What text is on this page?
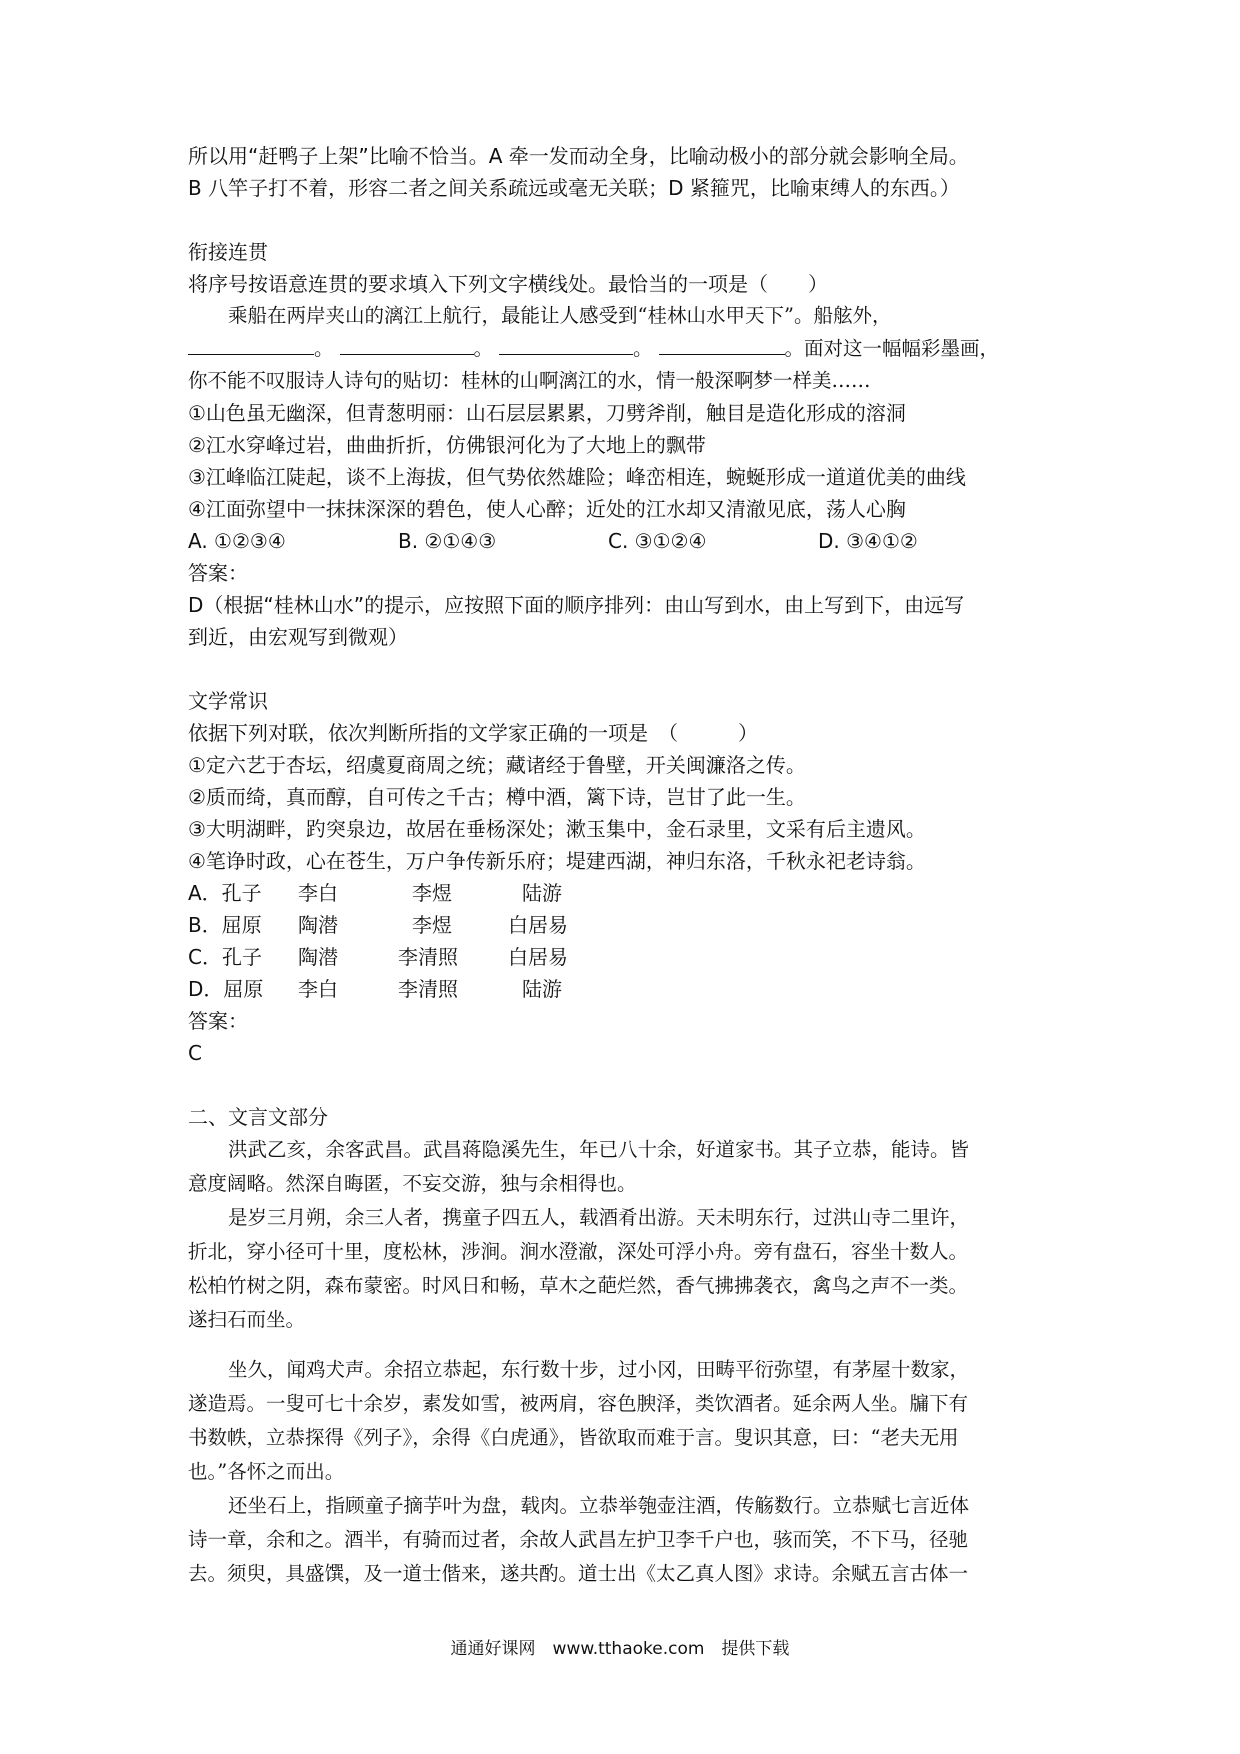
所以用“赶鸭子上架”比喻不恰当。A 牵一发而动全身，比喻动极小的部分就会影响全局。

B 八竿子打不着，形容二者之间关系疏远或毫无关联；D 紧箍咒，比喻束缚人的东西。）

衔接连贯

将序号按语意连贯的要求填入下列文字横线处。最恰当的一项是（　　）

乘船在两岸夹山的漓江上航行，最能让人感受到“桂林山水甲天下”。船舷外，

。	。	。	。面对这一幅幅彩墨画，

你不能不叹服诗人诗句的贴切：桂林的山啊漓江的水，情一般深啊梦一样美……

①山色虽无幽深，但青葱明丽：山石层层累累，刀劈斧削，触目是造化形成的溶洞

②江水穿峰过岩，曲曲折折，仿佛银河化为了大地上的飘带

③江峰临江陡起，谈不上海拔，但气势依然雄险；峰峦相连，蜿蜒形成一道道优美的曲线

④江面弥望中一抹抹深深的碧色，使人心醉；近处的江水却又清澈见底，荡人心胸

A. ①②③④	B. ②①④③	C. ③①②④	D. ③④①②

答案：

D（根据“桂林山水”的提示，应按照下面的顺序排列：由山写到水，由上写到下，由远写

到近，由宏观写到微观）

文学常识

依据下列对联，依次判断所指的文学家正确的一项是　（　　　）

①定六艺于杏坛，绍虞夏商周之统；藏诸经于鲁壁，开关闽濂洛之传。

②质而绮，真而醇，自可传之千古；樽中酒，篱下诗，岂甘了此一生。

③大明湖畔，趵突泉边，故居在垂杨深处；漱玉集中，金石录里，文采有后主遗风。

④笔诤时政，心在苍生，万户争传新乐府；堤建西湖，神归东洛，千秋永祀老诗翁。

A．孔子	李白	李煜	陆游
B．屈原	陶潜	李煜	白居易
C．孔子	陶潜	李清照	白居易
D．屈原	李白	李清照	陆游

答案：

C

二、文言文部分

洪武乙亥，余客武昌。武昌蒋隐溪先生，年已八十余，好道家书。其子立恭，能诗。皆

意度阔略。然深自晦匿，不妄交游，独与余相得也。

是岁三月朔，余三人者，携童子四五人，载酒肴出游。天未明东行，过洪山寺二里许，

折北，穿小径可十里，度松林，涉涧。涧水澄澈，深处可浮小舟。旁有盘石，容坐十数人。

松柏竹树之阴，森布蒙密。时风日和畅，草木之葩烂然，香气拂拂袭衣，禽鸟之声不一类。

遂扫石而坐。

坐久，闻鸡犬声。余招立恭起，东行数十步，过小冈，田畴平衍弥望，有茅屋十数家，

遂造焉。一叟可七十余岁，素发如雪，被两肩，容色腴泽，类饮酒者。延余两人坐。牖下有

书数帙，立恭探得《列子》，余得《白虎通》，皆欲取而难于言。叟识其意，曰：“老夫无用

也。”各怀之而出。

还坐石上，指顾童子摘芋叶为盘，载肉。立恭举匏壶注酒，传觞数行。立恭赋七言近体

诗一章，余和之。酒半，有骑而过者，余故人武昌左护卫李千户也，骇而笑，不下马，径驰

去。须臾，具盛馔，及一道士偕来，遂共酌。道士出《太乙真人图》求诗。余赋五言古体一

通通好课网　www.tthaoke.com　提供下载
